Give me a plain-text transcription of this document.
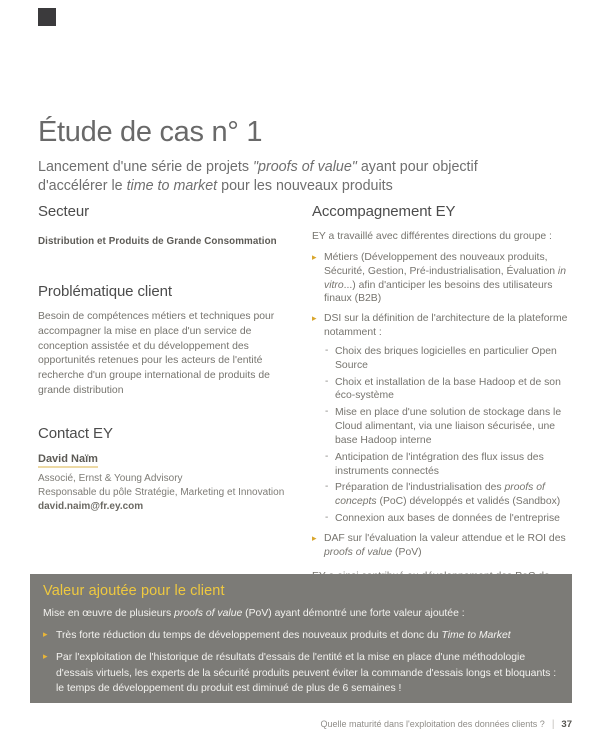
Étude de cas n° 1

Lancement d'une série de projets "proofs of value" ayant pour objectif d'accélérer le time to market pour les nouveaux produits

Secteur

Distribution et Produits de Grande Consommation

Problématique client

Besoin de compétences métiers et techniques pour accompagner la mise en place d'un service de conception assistée et du développement des opportunités retenues pour les acteurs de l'entité recherche d'un groupe international de produits de grande distribution

Contact EY

David Naïm

Associé, Ernst & Young Advisory

Responsable du pôle Stratégie, Marketing et Innovation

david.naim@fr.ey.com
Accompagnement EY

EY a travaillé avec différentes directions du groupe :

▸ Métiers (Développement des nouveaux produits, Sécurité, Gestion, Pré-industrialisation, Évaluation in vitro...) afin d'anticiper les besoins des utilisateurs finaux (B2B)
▸ DSI sur la définition de l'architecture de la plateforme notamment :
- Choix des briques logicielles en particulier Open Source
- Choix et installation de la base Hadoop et de son éco-système
- Mise en place d'une solution de stockage dans le Cloud alimentant, via une liaison sécurisée, une base Hadoop interne
- Anticipation de l'intégration des flux issus des instruments connectés
- Préparation de l'industrialisation des proofs of concepts (PoC) développés et validés (Sandbox)
- Connexion aux bases de données de l'entreprise
▸ DAF sur l'évaluation la valeur attendue et le ROI des proofs of value (PoV)

Valeur ajoutée pour le client

Mise en œuvre de plusieurs proofs of value (PoV) ayant démontré une forte valeur ajoutée :

▸ Très forte réduction du temps de développement des nouveaux produits et donc du Time to Market
▸ Par l'exploitation de l'historique de résultats d'essais de l'entité et la mise en place d'une méthodologie d'essais virtuels, les experts de la sécurité produits peuvent éviter la commande d'essais longs et bloquants : le temps de développement du produit est diminué de plus de 6 semaines !
Quelle maturité dans l'exploitation des données clients ? | 37
